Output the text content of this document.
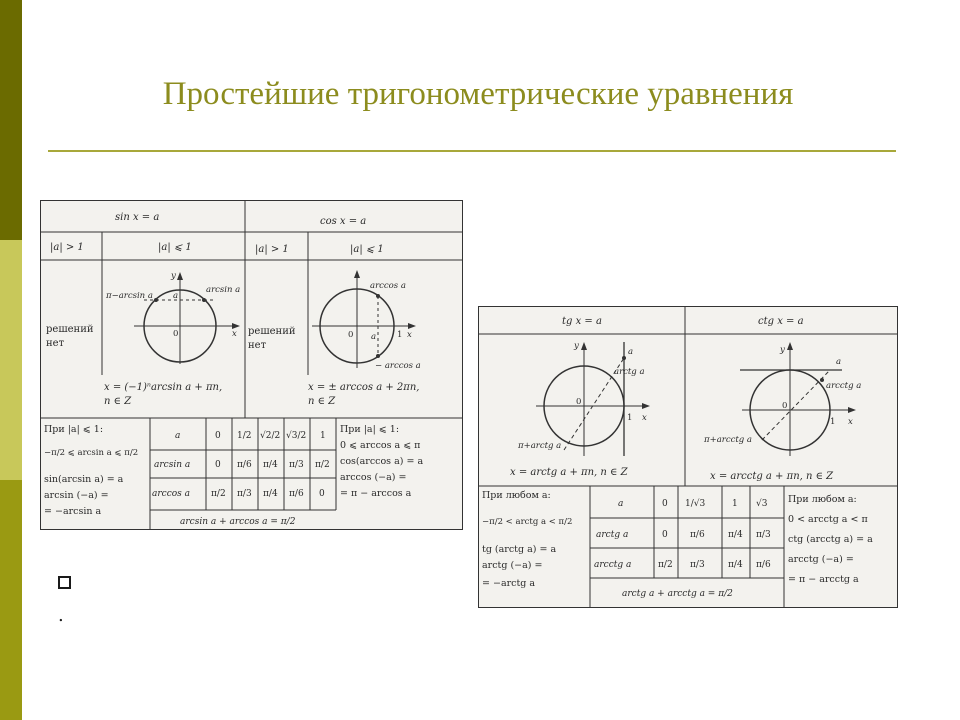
Простейшие тригонометрические уравнения
sin x = a	cos x = a
|a| > 1	|a| ⩽ 1	|a| > 1	|a| ⩽ 1
решений
нет
решений
нет
arcsin a
π−arcsin a a
y
0	x
arccos a
− arccos a
a
0	1 x
x = (−1)ⁿarcsin a + πn,
n ∈ Z
x = ± arccos a + 2πn,
n ∈ Z
При |a| ⩽ 1:
−π/2 ⩽ arcsin a ⩽ π/2
sin(arcsin a) = a
arcsin (−a) =
= −arcsin a
При |a| ⩽ 1:
0 ⩽ arccos a ⩽ π
cos(arccos a) = a
arccos (−a) =
= π − arccos a
a	0 1/2 √2/2 √3/2 1
arcsin a	0 π/6 π/4 π/3 π/2
arccos a π/2 π/3 π/4 π/6 0
arcsin a + arccos a = π/2
tg x = a	ctg x = a
arctg a
π+arctg a
a
y
0
1 x
arcctg a
π+arcctg a
a
y
0
1 x
x = arctg a + πn, n ∈ Z	x = arcctg a + πn, n ∈ Z
При любом a:
−π/2 < arctg a < π/2
tg (arctg a) = a
arctg (−a) =
= −arctg a
При любом a:
0 < arcctg a < π
ctg (arcctg a) = a
arcctg (−a) =
= π − arcctg a
a	0 1/√3	1 √3
arctg a	0 π/6	π/4 π/3
arcctg a	π/2 π/3	π/4 π/6
arctg a + arcctg a = π/2
.
